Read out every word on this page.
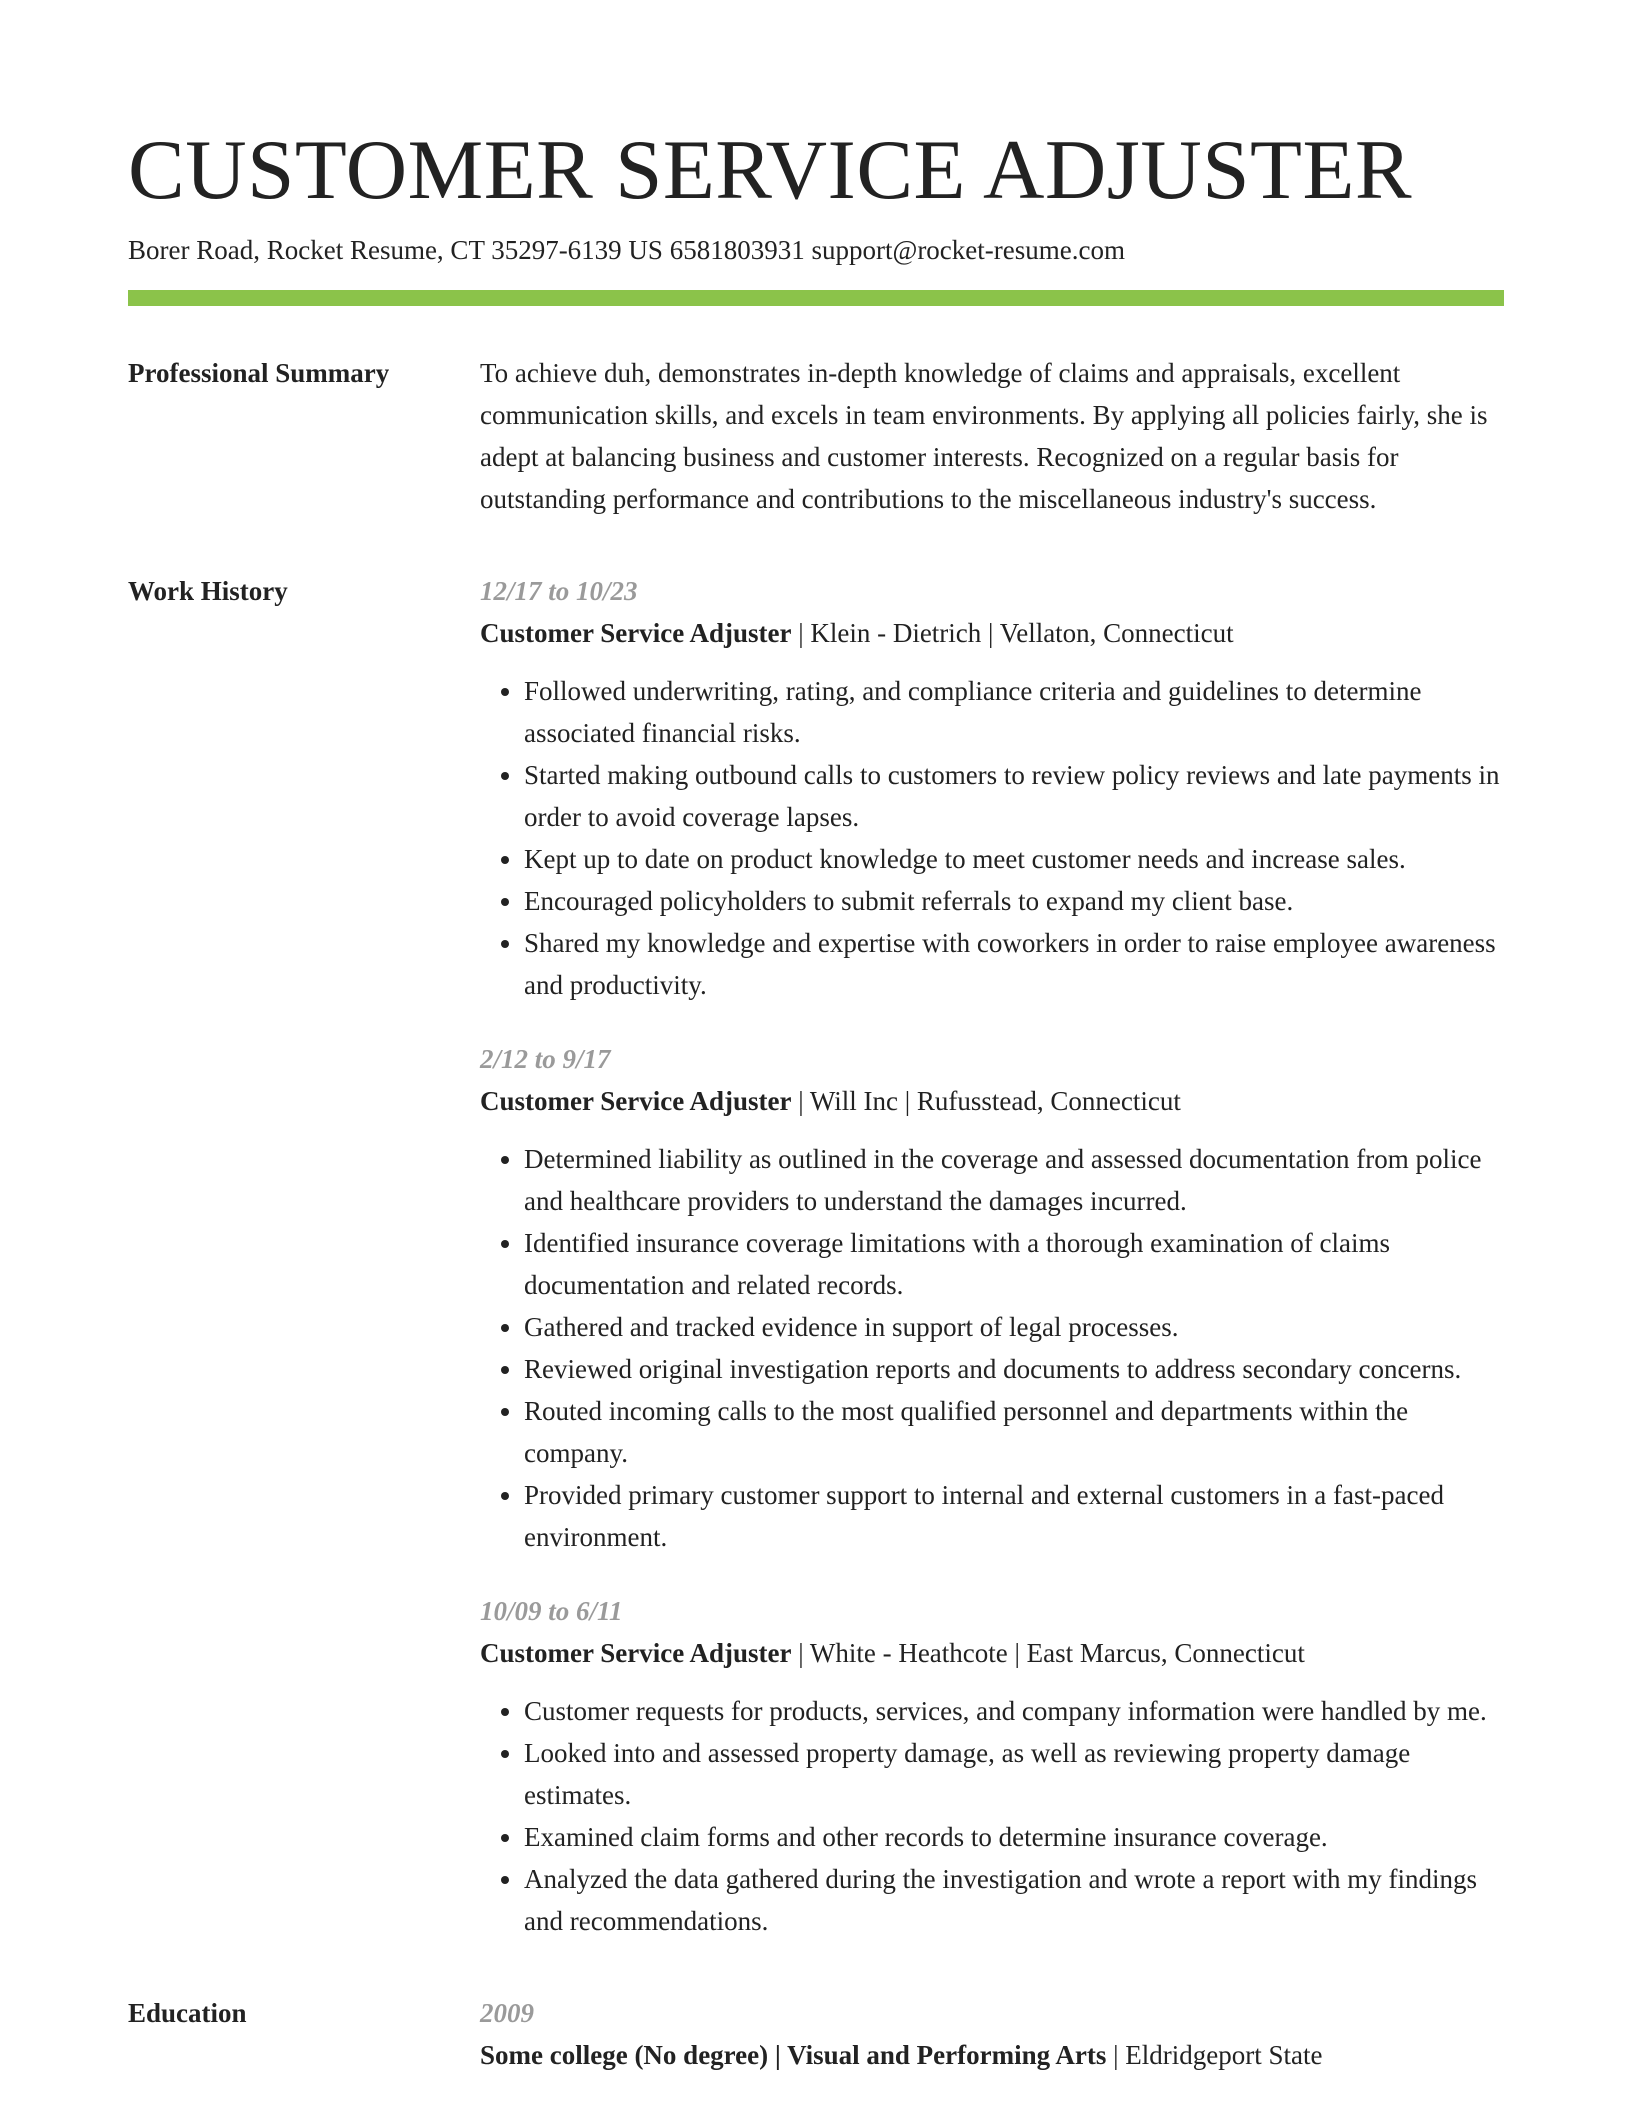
CUSTOMER SERVICE ADJUSTER
Borer Road, Rocket Resume, CT 35297-6139 US 6581803931 support@rocket-resume.com
Professional Summary	To achieve duh, demonstrates in-depth knowledge of claims and appraisals, excellent communication skills, and excels in team environments. By applying all policies fairly, she is adept at balancing business and customer interests. Recognized on a regular basis for outstanding performance and contributions to the miscellaneous industry's success.

Work History	12/17 to 10/23
Customer Service Adjuster | Klein - Dietrich | Vellaton, Connecticut
• Followed underwriting, rating, and compliance criteria and guidelines to determine associated financial risks.
• Started making outbound calls to customers to review policy reviews and late payments in order to avoid coverage lapses.
• Kept up to date on product knowledge to meet customer needs and increase sales.
• Encouraged policyholders to submit referrals to expand my client base.
• Shared my knowledge and expertise with coworkers in order to raise employee awareness and productivity.
2/12 to 9/17
Customer Service Adjuster | Will Inc | Rufusstead, Connecticut
• Determined liability as outlined in the coverage and assessed documentation from police and healthcare providers to understand the damages incurred.
• Identified insurance coverage limitations with a thorough examination of claims documentation and related records.
• Gathered and tracked evidence in support of legal processes.
• Reviewed original investigation reports and documents to address secondary concerns.
• Routed incoming calls to the most qualified personnel and departments within the company.
• Provided primary customer support to internal and external customers in a fast-paced environment.
10/09 to 6/11
Customer Service Adjuster | White - Heathcote | East Marcus, Connecticut
• Customer requests for products, services, and company information were handled by me.
• Looked into and assessed property damage, as well as reviewing property damage estimates.
• Examined claim forms and other records to determine insurance coverage.
• Analyzed the data gathered during the investigation and wrote a report with my findings and recommendations.
Education	2009
Some college (No degree) | Visual and Performing Arts | Eldridgeport State
